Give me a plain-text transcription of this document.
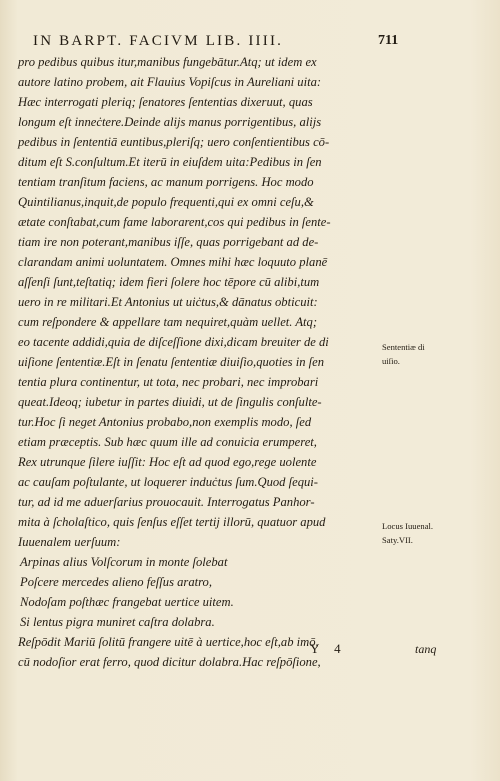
IN BARPT. FACIVM LIB. IIII.	711
pro pedibus quibus itur,manibus fungebātur.Atq; ut idem ex
autore latino probem, ait Flauius Vopiſcus in Aureliani uita:
Hæc interrogati pleriq; ſenatores ſententias dixeruut, quas
longum eſt inneċtere.Deinde alijs manus porrigentibus, alijs
pedibus in ſententiā euntibus,pleriſq; uero conſentientibus cō-
ditum eſt S.conſultum.Et iterū in eiuſdem uita:Pedibus in ſen
tentiam tranſitum faciens, ac manum porrigens. Hoc modo
Quintilianus,inquit,de populo frequenti,qui ex omni ceſu,&
ætate conſtabat,cum fame laborarent,cos qui pedibus in ſente-
tiam ire non poterant,manibus iſſe, quas porrigebant ad de-
clarandam animi uoluntatem. Omnes mihi hæc loquuto planē
aſſenſi ſunt,teſtatiq; idem fieri ſolere hoc tēpore cū alibi,tum
uero in re militari.Et Antonius ut uiċtus,& dānatus obticuit:
cum reſpondere & appellare tam nequiret,quàm uellet. Atq;
eo tacente addidi,quia de diſceſſione dixi,dicam breuiter de di
uiſione ſententiæ.Eſt in ſenatu ſententiæ diuiſio,quoties in ſen
tentia plura continentur, ut tota, nec probari, nec improbari
queat.Ideoq; iubetur in partes diuidi, ut de ſingulis conſulte-
tur.Hoc ſi neget Antonius probabo,non exemplis modo, ſed
etiam præceptis. Sub hæc quum ille ad conuicia erumperet,
Rex utrunque ſilere iuſſit: Hoc eſt ad quod ego,rege uolente
ac cauſam poſtulante, ut loquerer induċtus ſum.Quod ſequi-
tur, ad id me aduerſarius prouocauit. Interrogatus Panhor-
mita à ſcholaſtico, quis ſenſus eſſet tertij illorū, quatuor apud
Iuuenalem uerſuum:
Arpinas alius Volſcorum in monte ſolebat
Poſcere mercedes alieno feſſus aratro,
Nodoſam poſthæc frangebat uertice uitem.
Si lentus pigra muniret caſtra dolabra.
Reſpōdit Mariū ſolitū frangere uitē à uertice,hoc eſt,ab imō,
cū nodoſior erat ferro, quod dicitur dolabra.Hac reſpōſione,
Sententiæ di
uiſio.
Locus Iuuenal.
Saty.VII.
Y 4	tanq
